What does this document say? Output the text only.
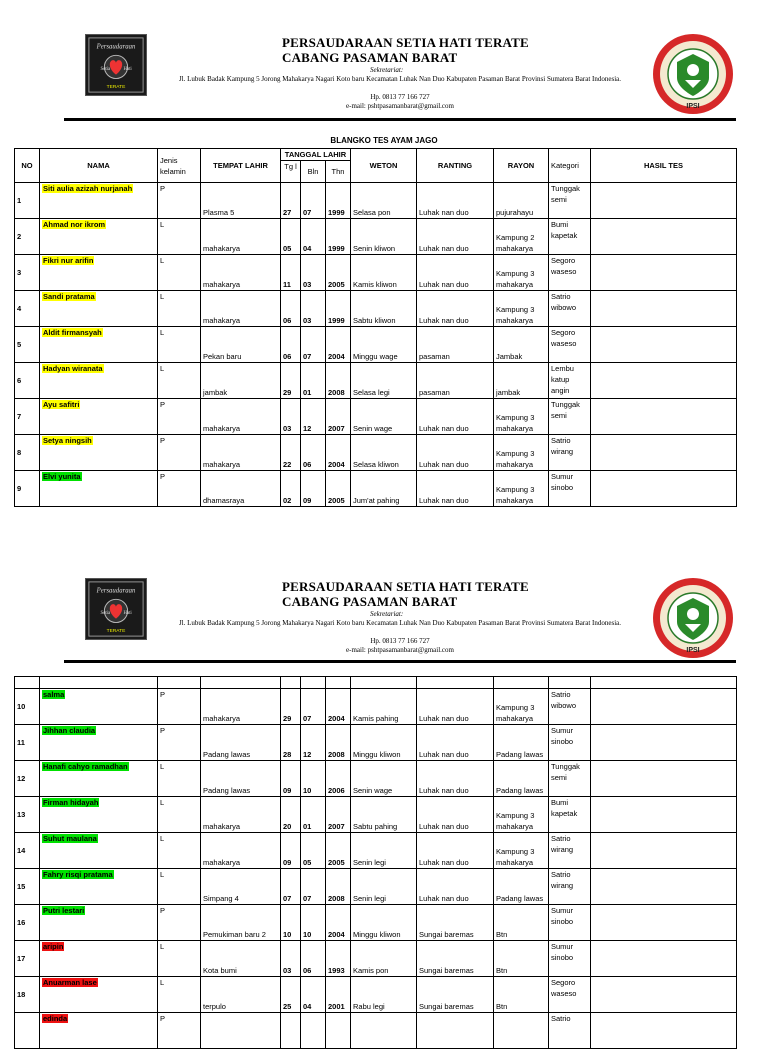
Persaudaraan
Setia	Hati
TERATE
PERSAUDARAAN SETIA HATI TERATE
CABANG PASAMAN BARAT
Sekretariat:
Jl. Lubuk Badak Kampung 5 Jorong Mahakarya Nagari Koto baru Kecamatan Luhak Nan Duo Kabupaten Pasaman Barat Provinsi Sumatera Barat Indonesia.
Hp. 0813 77 166 727
e-mail: pshtpasamanbarat@gmail.com	IPSI
BLANGKO TES AYAM JAGO
NO	NAMA	Jenis kelamin	TEMPAT LAHIR	TANGGAL LAHIR			WETON	RANTING	RAYON	Kategori	HASIL TES
				Tg l	Bln	Thn					
1	Siti aulia azizah nurjanah	P	Plasma 5	27	07	1999	Selasa pon	Luhak nan duo	pujurahayu	Tunggak semi	
2	Ahmad nor ikrom	L	mahakarya	05	04	1999	Senin kliwon	Luhak nan duo	Kampung 2 mahakarya	Bumi kapetak	
3	Fikri nur arifin	L	mahakarya	11	03	2005	Kamis kliwon	Luhak nan duo	Kampung 3 mahakarya	Segoro waseso	
4	Sandi pratama	L	mahakarya	06	03	1999	Sabtu kliwon	Luhak nan duo	Kampung 3 mahakarya	Satrio wibowo	
5	Aldit firmansyah	L	Pekan baru	06	07	2004	Minggu wage	pasaman	Jambak	Segoro waseso	
6	Hadyan wiranata	L	jambak	29	01	2008	Selasa legi	pasaman	jambak	Lembu katup angin	
7	Ayu safitri	P	mahakarya	03	12	2007	Senin wage	Luhak nan duo	Kampung 3 mahakarya	Tunggak semi	
8	Setya ningsih	P	mahakarya	22	06	2004	Selasa kliwon	Luhak nan duo	Kampung 3 mahakarya	Satrio wirang	
9	Elvi yunita	P	dhamasraya	02	09	2005	Jum'at pahing	Luhak nan duo	Kampung 3 mahakarya	Sumur sinobo	
Persaudaraan
Setia	Hati
TERATE
PERSAUDARAAN SETIA HATI TERATE
CABANG PASAMAN BARAT
Sekretariat:
Jl. Lubuk Badak Kampung 5 Jorong Mahakarya Nagari Koto baru Kecamatan Luhak Nan Duo Kabupaten Pasaman Barat Provinsi Sumatera Barat Indonesia.
Hp. 0813 77 166 727
e-mail: pshtpasamanbarat@gmail.com	IPSI

10	salma	P	mahakarya	29	07	2004	Kamis pahing	Luhak nan duo	Kampung 3 mahakarya	Satrio wibowo	
11	Jihhan claudia	P	Padang lawas	28	12	2008	Minggu kliwon	Luhak nan duo	Padang lawas	Sumur sinobo	
12	Hanafi cahyo ramadhan	L	Padang lawas	09	10	2006	Senin wage	Luhak nan duo	Padang lawas	Tunggak semi	
13	Firman hidayah	L	mahakarya	20	01	2007	Sabtu pahing	Luhak nan duo	Kampung 3 mahakarya	Bumi kapetak	
14	Suhut maulana	L	mahakarya	09	05	2005	Senin legi	Luhak nan duo	Kampung 3 mahakarya	Satrio wirang	
15	Fahry risqi pratama	L	Simpang 4	07	07	2008	Senin legi	Luhak nan duo	Padang lawas	Satrio wirang	
16	Putri lestari	P	Pemukiman baru 2	10	10	2004	Minggu kliwon	Sungai baremas	Btn	Sumur sinobo	
17	aripin	L	Kota bumi	03	06	1993	Kamis pon	Sungai baremas	Btn	Sumur sinobo	
18	Anuarman lase	L	terpulo	25	04	2001	Rabu legi	Sungai baremas	Btn	Segoro waseso	
	edinda	P								Satrio	
